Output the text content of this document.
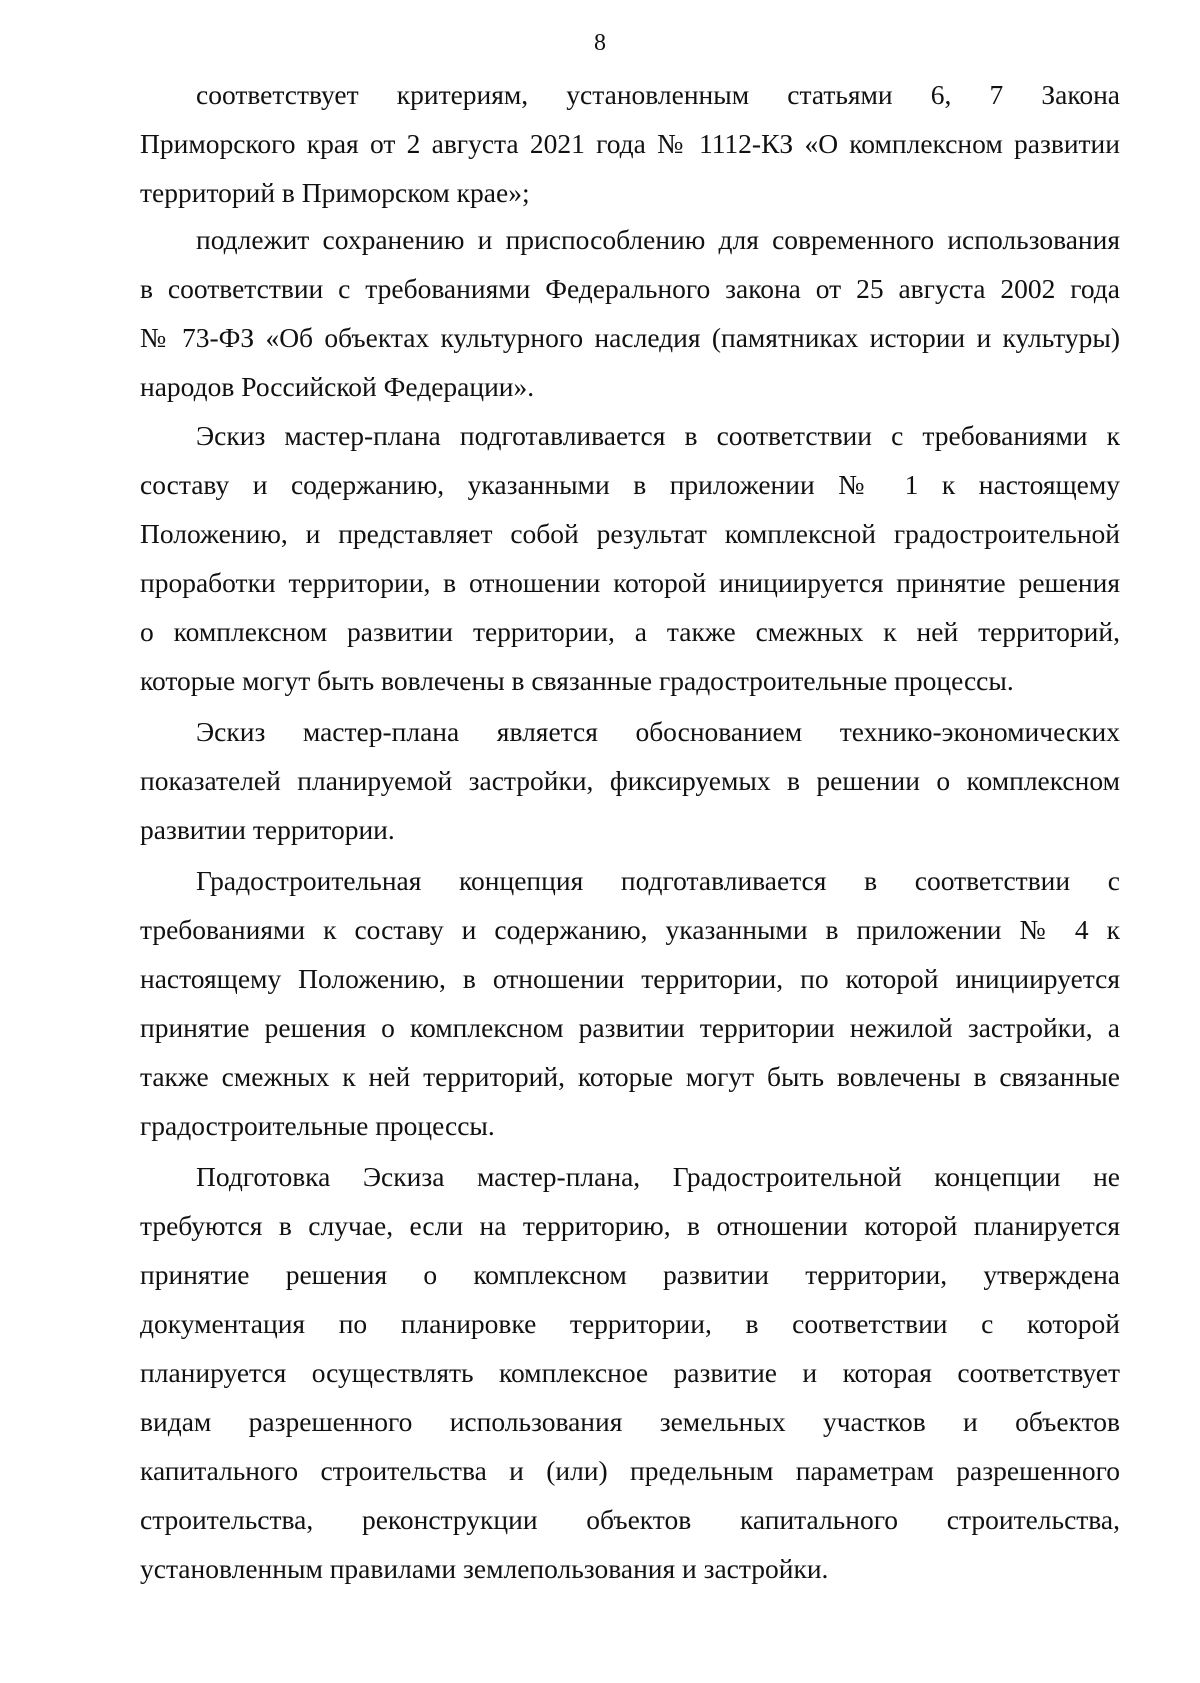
8
соответствует критериям, установленным статьями 6, 7 Закона
Приморского края от 2 августа 2021 года № 1112-КЗ «О комплексном развитии
территорий в Приморском крае»;
подлежит сохранению и приспособлению для современного использования
в соответствии с требованиями Федерального закона от 25 августа 2002 года
№ 73-ФЗ «Об объектах культурного наследия (памятниках истории и культуры)
народов Российской Федерации».
Эскиз мастер-плана подготавливается в соответствии с требованиями к
составу и содержанию, указанными в приложении № 1 к настоящему
Положению, и представляет собой результат комплексной градостроительной
проработки территории, в отношении которой инициируется принятие решения
о комплексном развитии территории, а также смежных к ней территорий,
которые могут быть вовлечены в связанные градостроительные процессы.
Эскиз мастер-плана является обоснованием технико-экономических
показателей планируемой застройки, фиксируемых в решении о комплексном
развитии территории.
Градостроительная концепция подготавливается в соответствии с
требованиями к составу и содержанию, указанными в приложении № 4 к
настоящему Положению, в отношении территории, по которой инициируется
принятие решения о комплексном развитии территории нежилой застройки, а
также смежных к ней территорий, которые могут быть вовлечены в связанные
градостроительные процессы.
Подготовка Эскиза мастер-плана, Градостроительной концепции не
требуются в случае, если на территорию, в отношении которой планируется
принятие решения о комплексном развитии территории, утверждена
документация по планировке территории, в соответствии с которой
планируется осуществлять комплексное развитие и которая соответствует
видам разрешенного использования земельных участков и объектов
капитального строительства и (или) предельным параметрам разрешенного
строительства, реконструкции объектов капитального строительства,
установленным правилами землепользования и застройки.
